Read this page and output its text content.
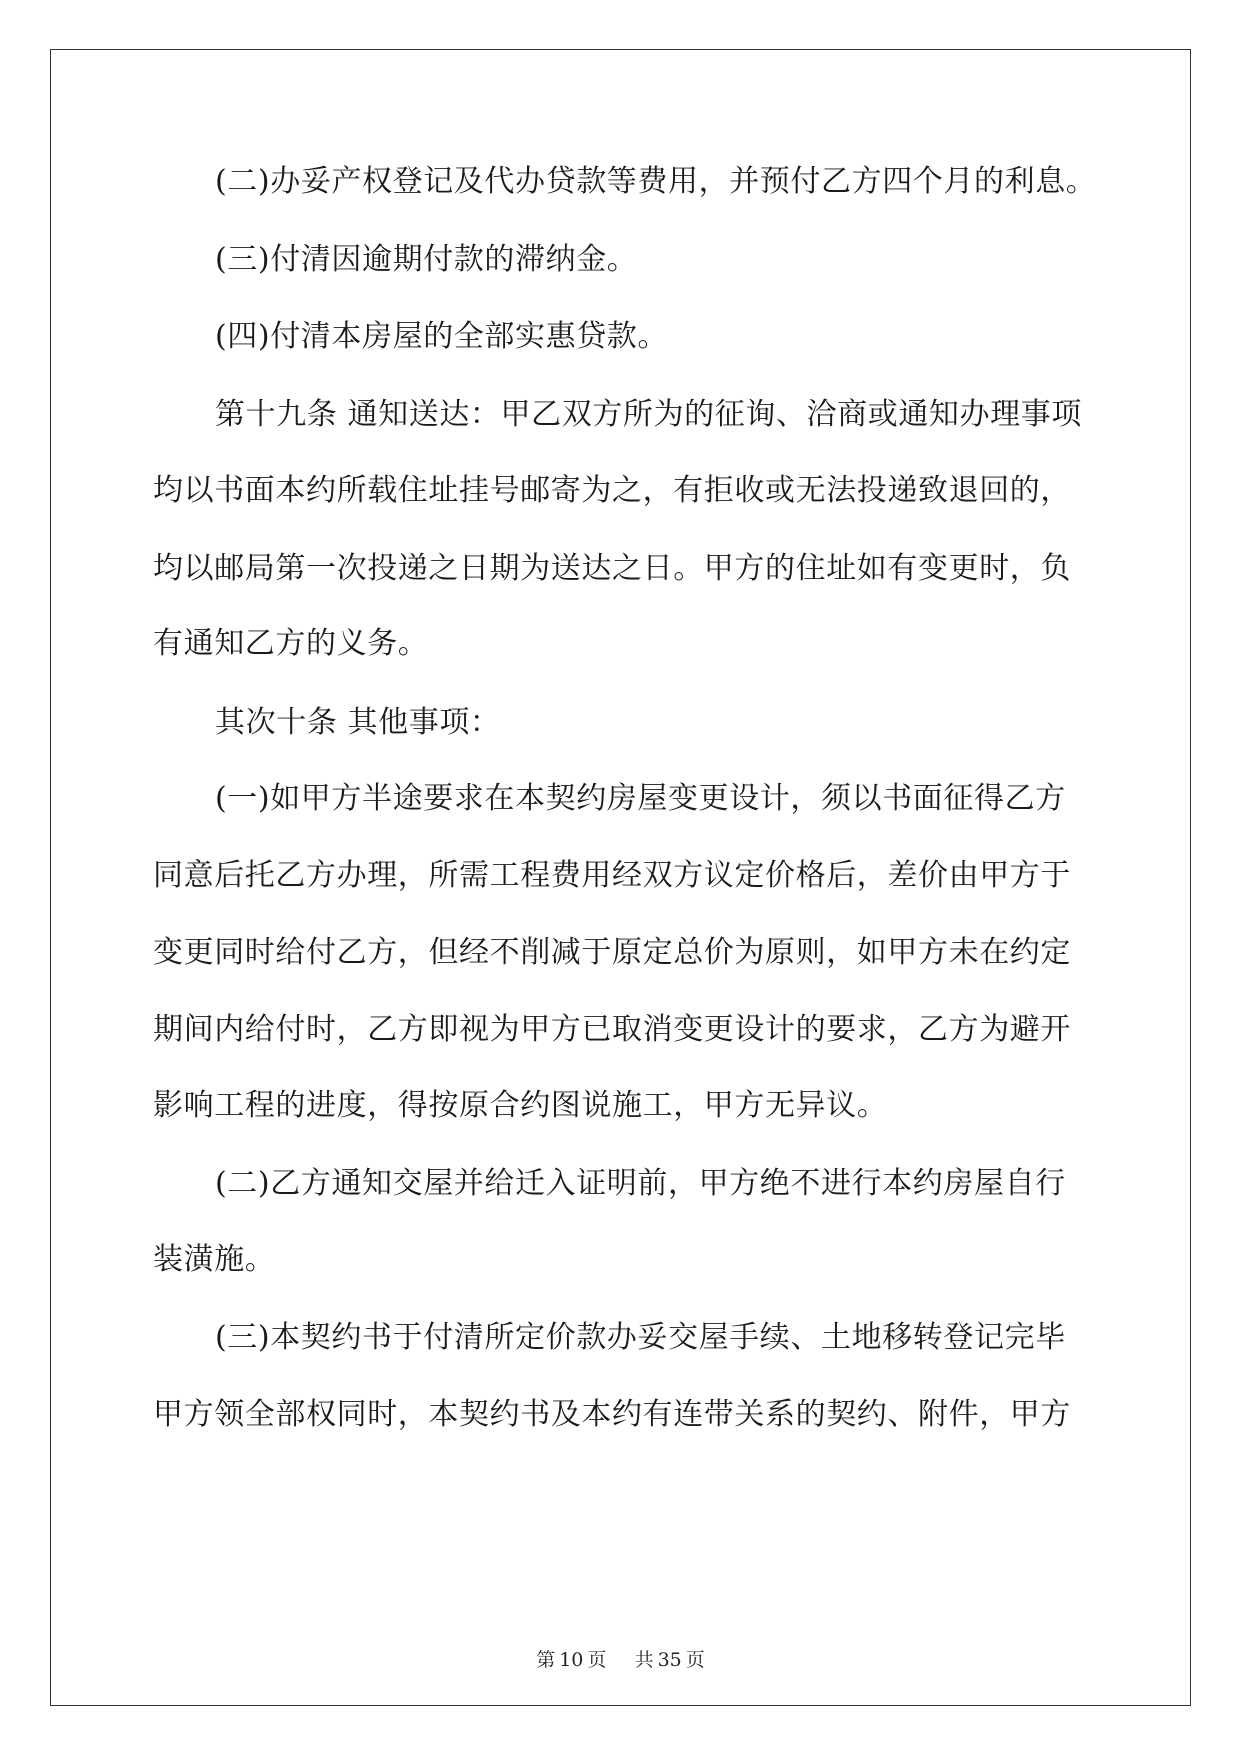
(二)办妥产权登记及代办贷款等费用，并预付乙方四个月的利息。
(三)付清因逾期付款的滞纳金。
(四)付清本房屋的全部实惠贷款。
第十九条 通知送达：甲乙双方所为的征询、洽商或通知办理事项
均以书面本约所载住址挂号邮寄为之，有拒收或无法投递致退回的，
均以邮局第一次投递之日期为送达之日。甲方的住址如有变更时，负
有通知乙方的义务。
其次十条 其他事项：
(一)如甲方半途要求在本契约房屋变更设计，须以书面征得乙方
同意后托乙方办理，所需工程费用经双方议定价格后，差价由甲方于
变更同时给付乙方，但经不削减于原定总价为原则，如甲方未在约定
期间内给付时，乙方即视为甲方已取消变更设计的要求，乙方为避开
影响工程的进度，得按原合约图说施工，甲方无异议。
(二)乙方通知交屋并给迁入证明前，甲方绝不进行本约房屋自行
装潢施。
(三)本契约书于付清所定价款办妥交屋手续、土地移转登记完毕
甲方领全部权同时，本契约书及本约有连带关系的契约、附件，甲方
第 10 页 共 35 页
